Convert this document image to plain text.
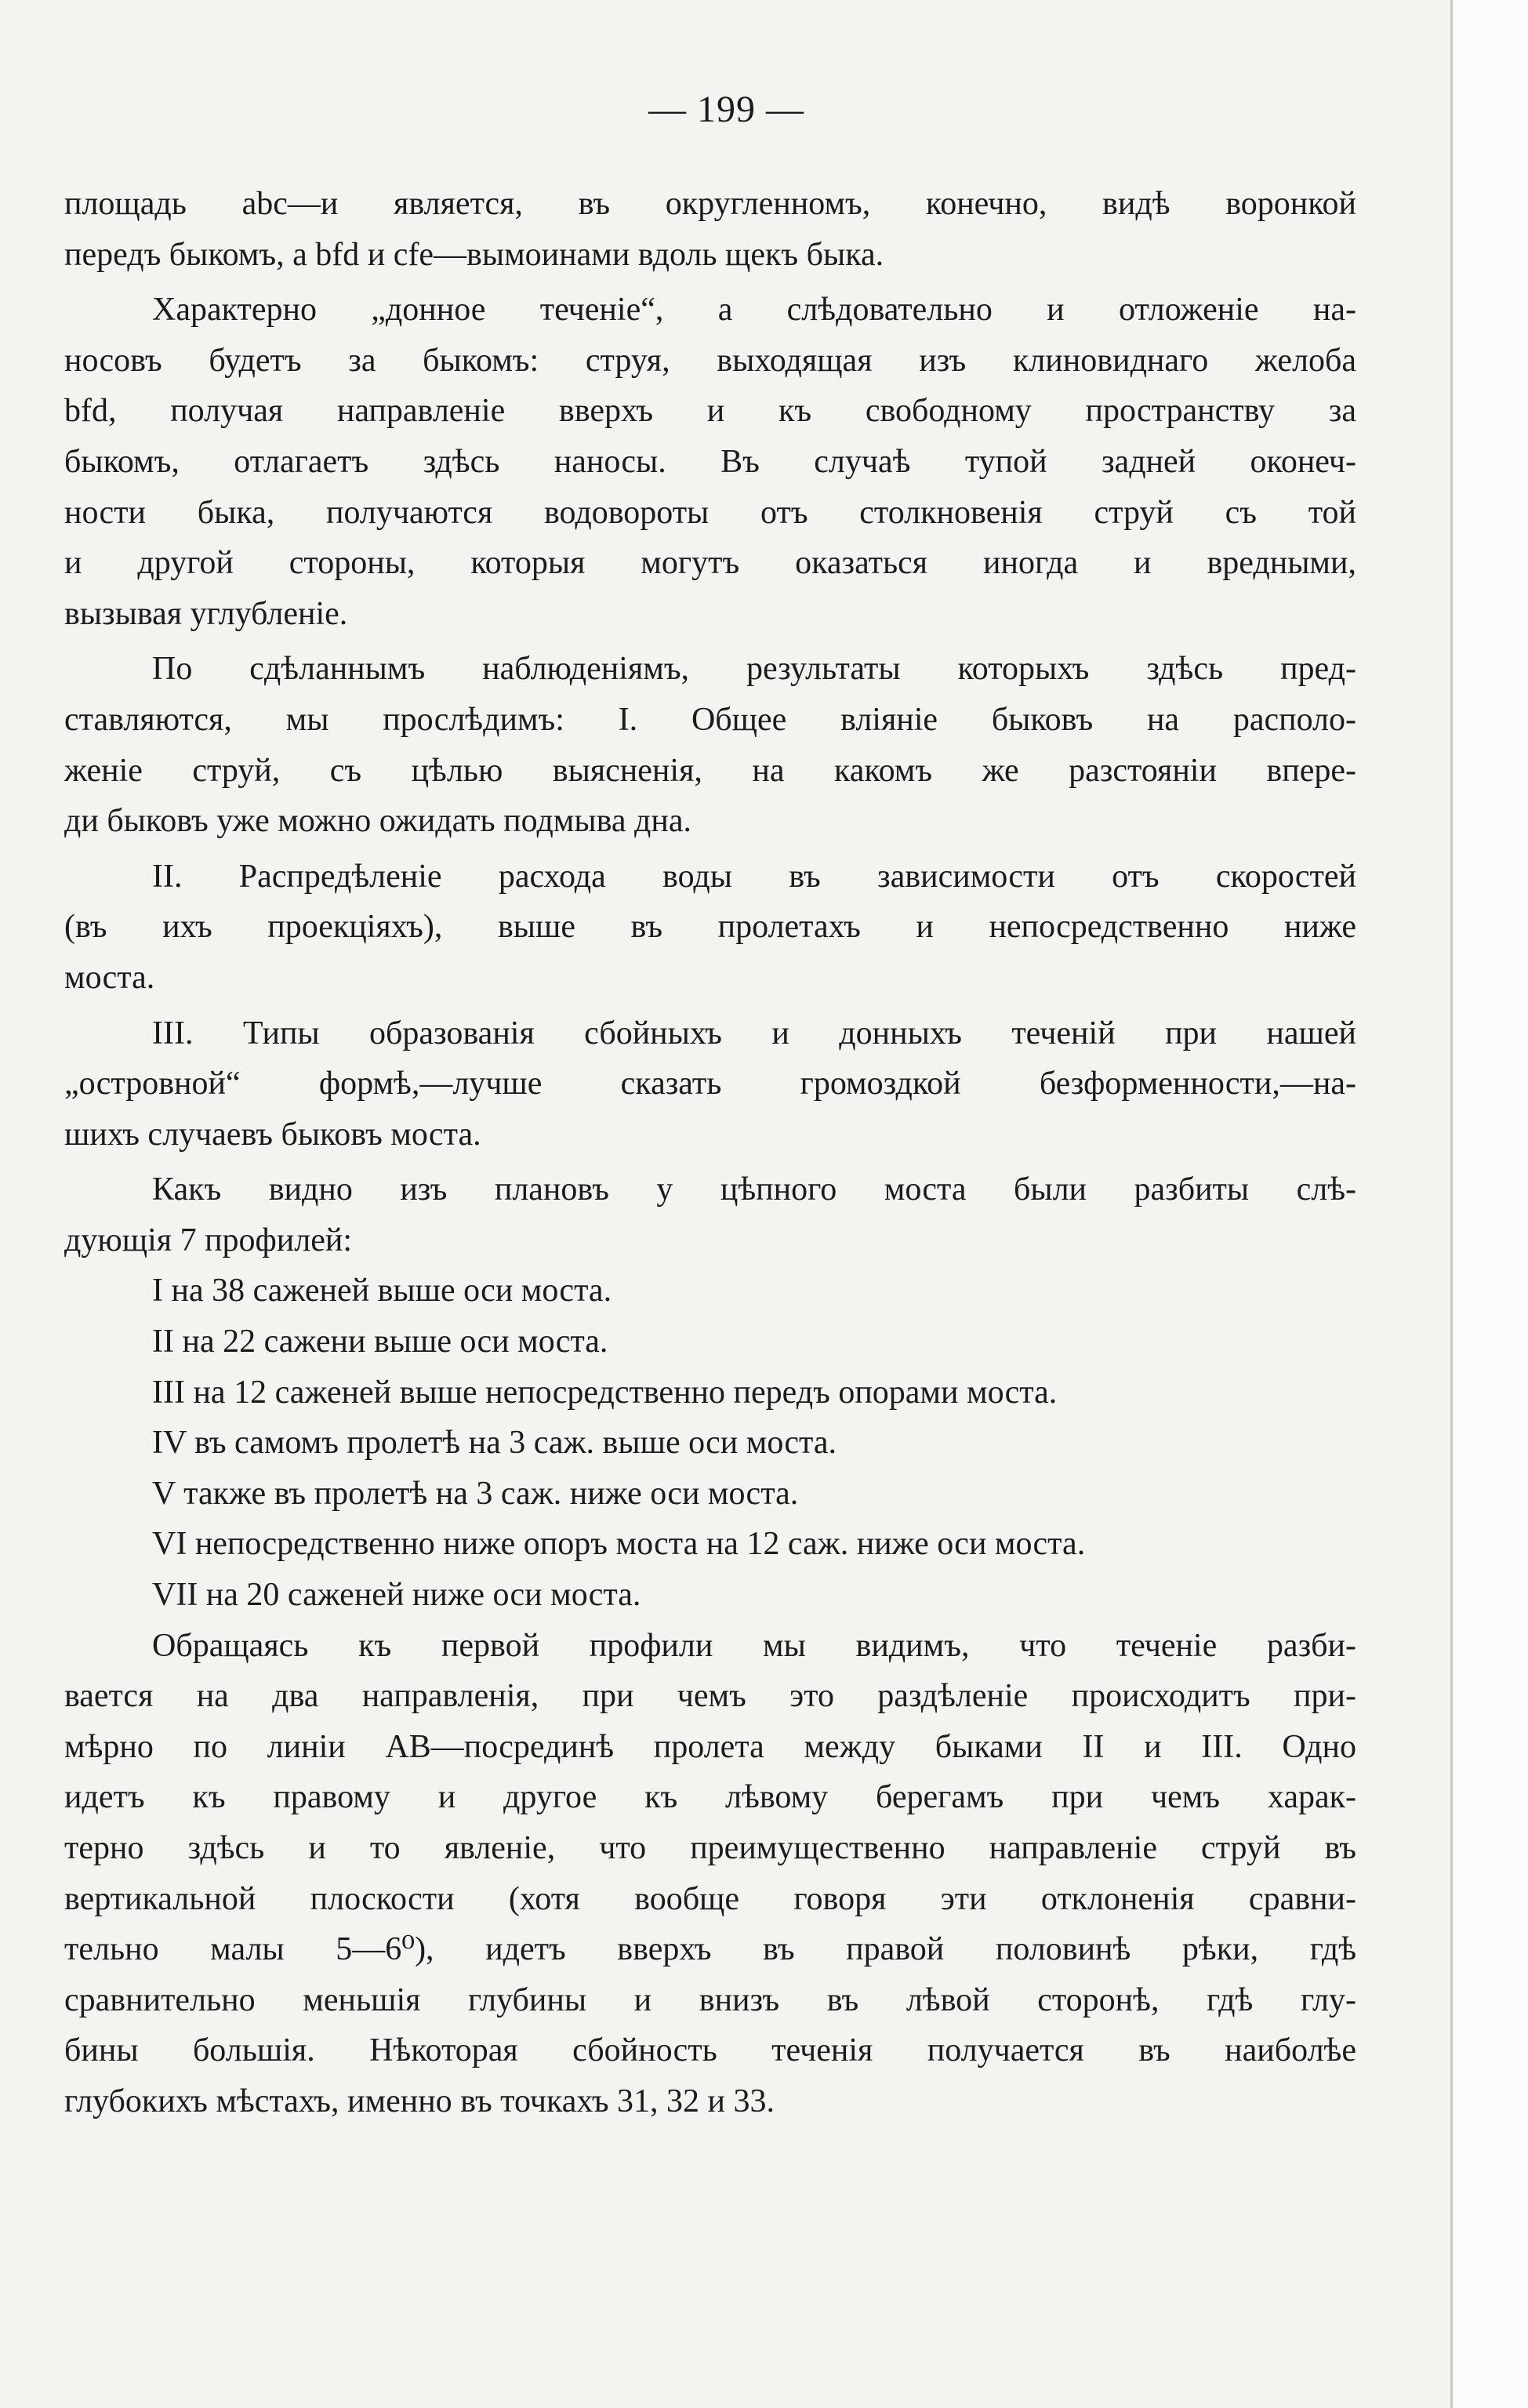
— 199 —
площадь аbс—и является, въ округленномъ, конечно, видѣ воронкой
передъ быкомъ, а bfd и cfe—вымоинами вдоль щекъ быка.
Характерно „донное теченіе“, а слѣдовательно и отложеніе на-
носовъ будетъ за быкомъ: струя, выходящая изъ клиновиднаго желоба
bfd, получая направленіе вверхъ и къ свободному пространству за
быкомъ, отлагаетъ здѣсь наносы. Въ случаѣ тупой задней оконеч-
ности быка, получаются водовороты отъ столкновенія струй съ той
и другой стороны, которыя могутъ оказаться иногда и вредными,
вызывая углубленіе.
По сдѣланнымъ наблюденіямъ, результаты которыхъ здѣсь пред-
ставляются, мы прослѣдимъ: I. Общее вліяніе быковъ на располо-
женіе струй, съ цѣлью выясненія, на какомъ же разстояніи впере-
ди быковъ уже можно ожидать подмыва дна.
II. Распредѣленіе расхода воды въ зависимости отъ скоростей
(въ ихъ проекціяхъ), выше въ пролетахъ и непосредственно ниже
моста.
III. Типы образованія сбойныхъ и донныхъ теченій при нашей
„островной“ формѣ,—лучше сказать громоздкой безформенности,—на-
шихъ случаевъ быковъ моста.
Какъ видно изъ плановъ у цѣпного моста были разбиты слѣ-
дующія 7 профилей:
I на 38 саженей выше оси моста.
II на 22 сажени выше оси моста.
III на 12 саженей выше непосредственно передъ опорами моста.
IV въ самомъ пролетѣ на 3 саж. выше оси моста.
V также въ пролетѣ на 3 саж. ниже оси моста.
VI непосредственно ниже опоръ моста на 12 саж. ниже оси моста.
VII на 20 саженей ниже оси моста.
Обращаясь къ первой профили мы видимъ, что теченіе разби-
вается на два направленія, при чемъ это раздѣленіе происходитъ при-
мѣрно по линіи АВ—посрединѣ пролета между быками II и III. Одно
идетъ къ правому и другое къ лѣвому берегамъ при чемъ харак-
терно здѣсь и то явленіе, что преимущественно направленіе струй въ
вертикальной плоскости (хотя вообще говоря эти отклоненія сравни-
тельно малы 5—6⁰), идетъ вверхъ въ правой половинѣ рѣки, гдѣ
сравнительно меньшія глубины и внизъ въ лѣвой сторонѣ, гдѣ глу-
бины большія. Нѣкоторая сбойность теченія получается въ наиболѣе
глубокихъ мѣстахъ, именно въ точкахъ 31, 32 и 33.
